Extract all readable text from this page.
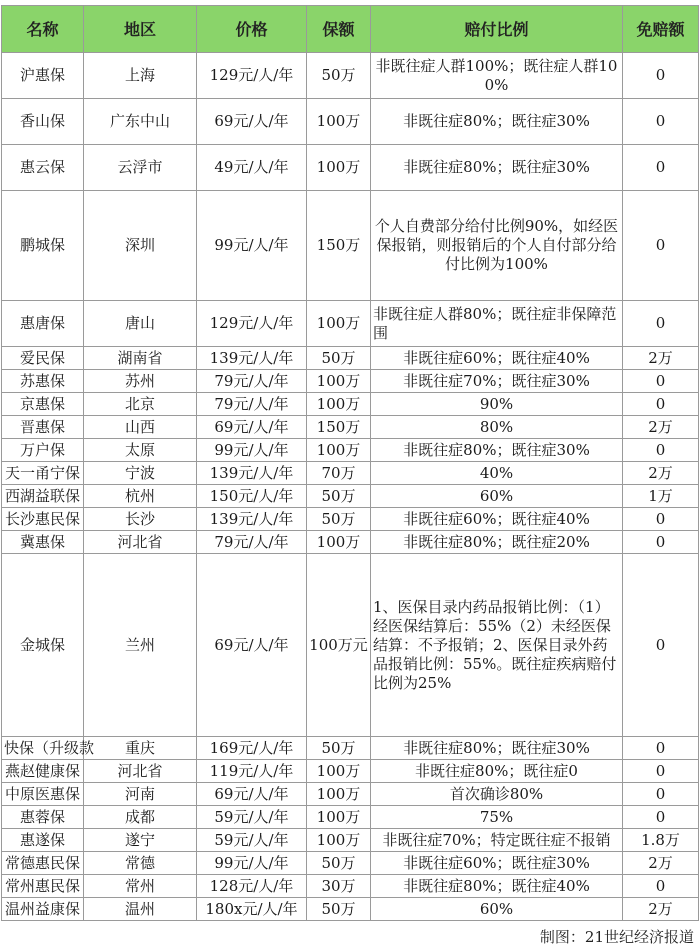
名称	地区	价格	保额	赔付比例	免赔额
沪惠保	上海	129元/人/年	50万	非既往症人群100%；既往症人群100%	0
香山保	广东中山	69元/人/年	100万	非既往症80%；既往症30%	0
惠云保	云浮市	49元/人/年	100万	非既往症80%；既往症30%	0
鹏城保	深圳	99元/人/年	150万	个人自费部分给付比例90%，如经医保报销，则报销后的个人自付部分给付比例为100%	0
惠唐保	唐山	129元/人/年	100万	非既往症人群80%；既往症非保障范围	0
爱民保	湖南省	139元/人/年	50万	非既往症60%；既往症40%	2万
苏惠保	苏州	79元/人/年	100万	非既往症70%；既往症30%	0
京惠保	北京	79元/人/年	100万	90%	0
晋惠保	山西	69元/人/年	150万	80%	2万
万户保	太原	99元/人/年	100万	非既往症80%；既往症30%	0
天一甬宁保	宁波	139元/人/年	70万	40%	2万
西湖益联保	杭州	150元/人/年	50万	60%	1万
长沙惠民保	长沙	139元/人/年	50万	非既往症60%；既往症40%	0
冀惠保	河北省	79元/人/年	100万	非既往症80%；既往症20%	0
金城保	兰州	69元/人/年	100万元	1、医保目录内药品报销比例：（1）经医保结算后：55%（2）未经医保结算：不予报销；2、医保目录外药品报销比例：55%。既往症疾病赔付比例为25%	0
快保（升级款	重庆	169元/人/年	50万	非既往症80%；既往症30%	0
燕赵健康保	河北省	119元/人/年	100万	非既往症80%；既往症0	0
中原医惠保	河南	69元/人/年	100万	首次确诊80%	0
惠蓉保	成都	59元/人/年	100万	75%	0
惠遂保	遂宁	59元/人/年	100万	非既往症70%；特定既往症不报销	1.8万
常德惠民保	常德	99元/人/年	50万	非既往症60%；既往症30%	2万
常州惠民保	常州	128元/人/年	30万	非既往症80%；既往症40%	0
温州益康保	温州	180x元/人/年	50万	60%	2万
制图：21世纪经济报道
